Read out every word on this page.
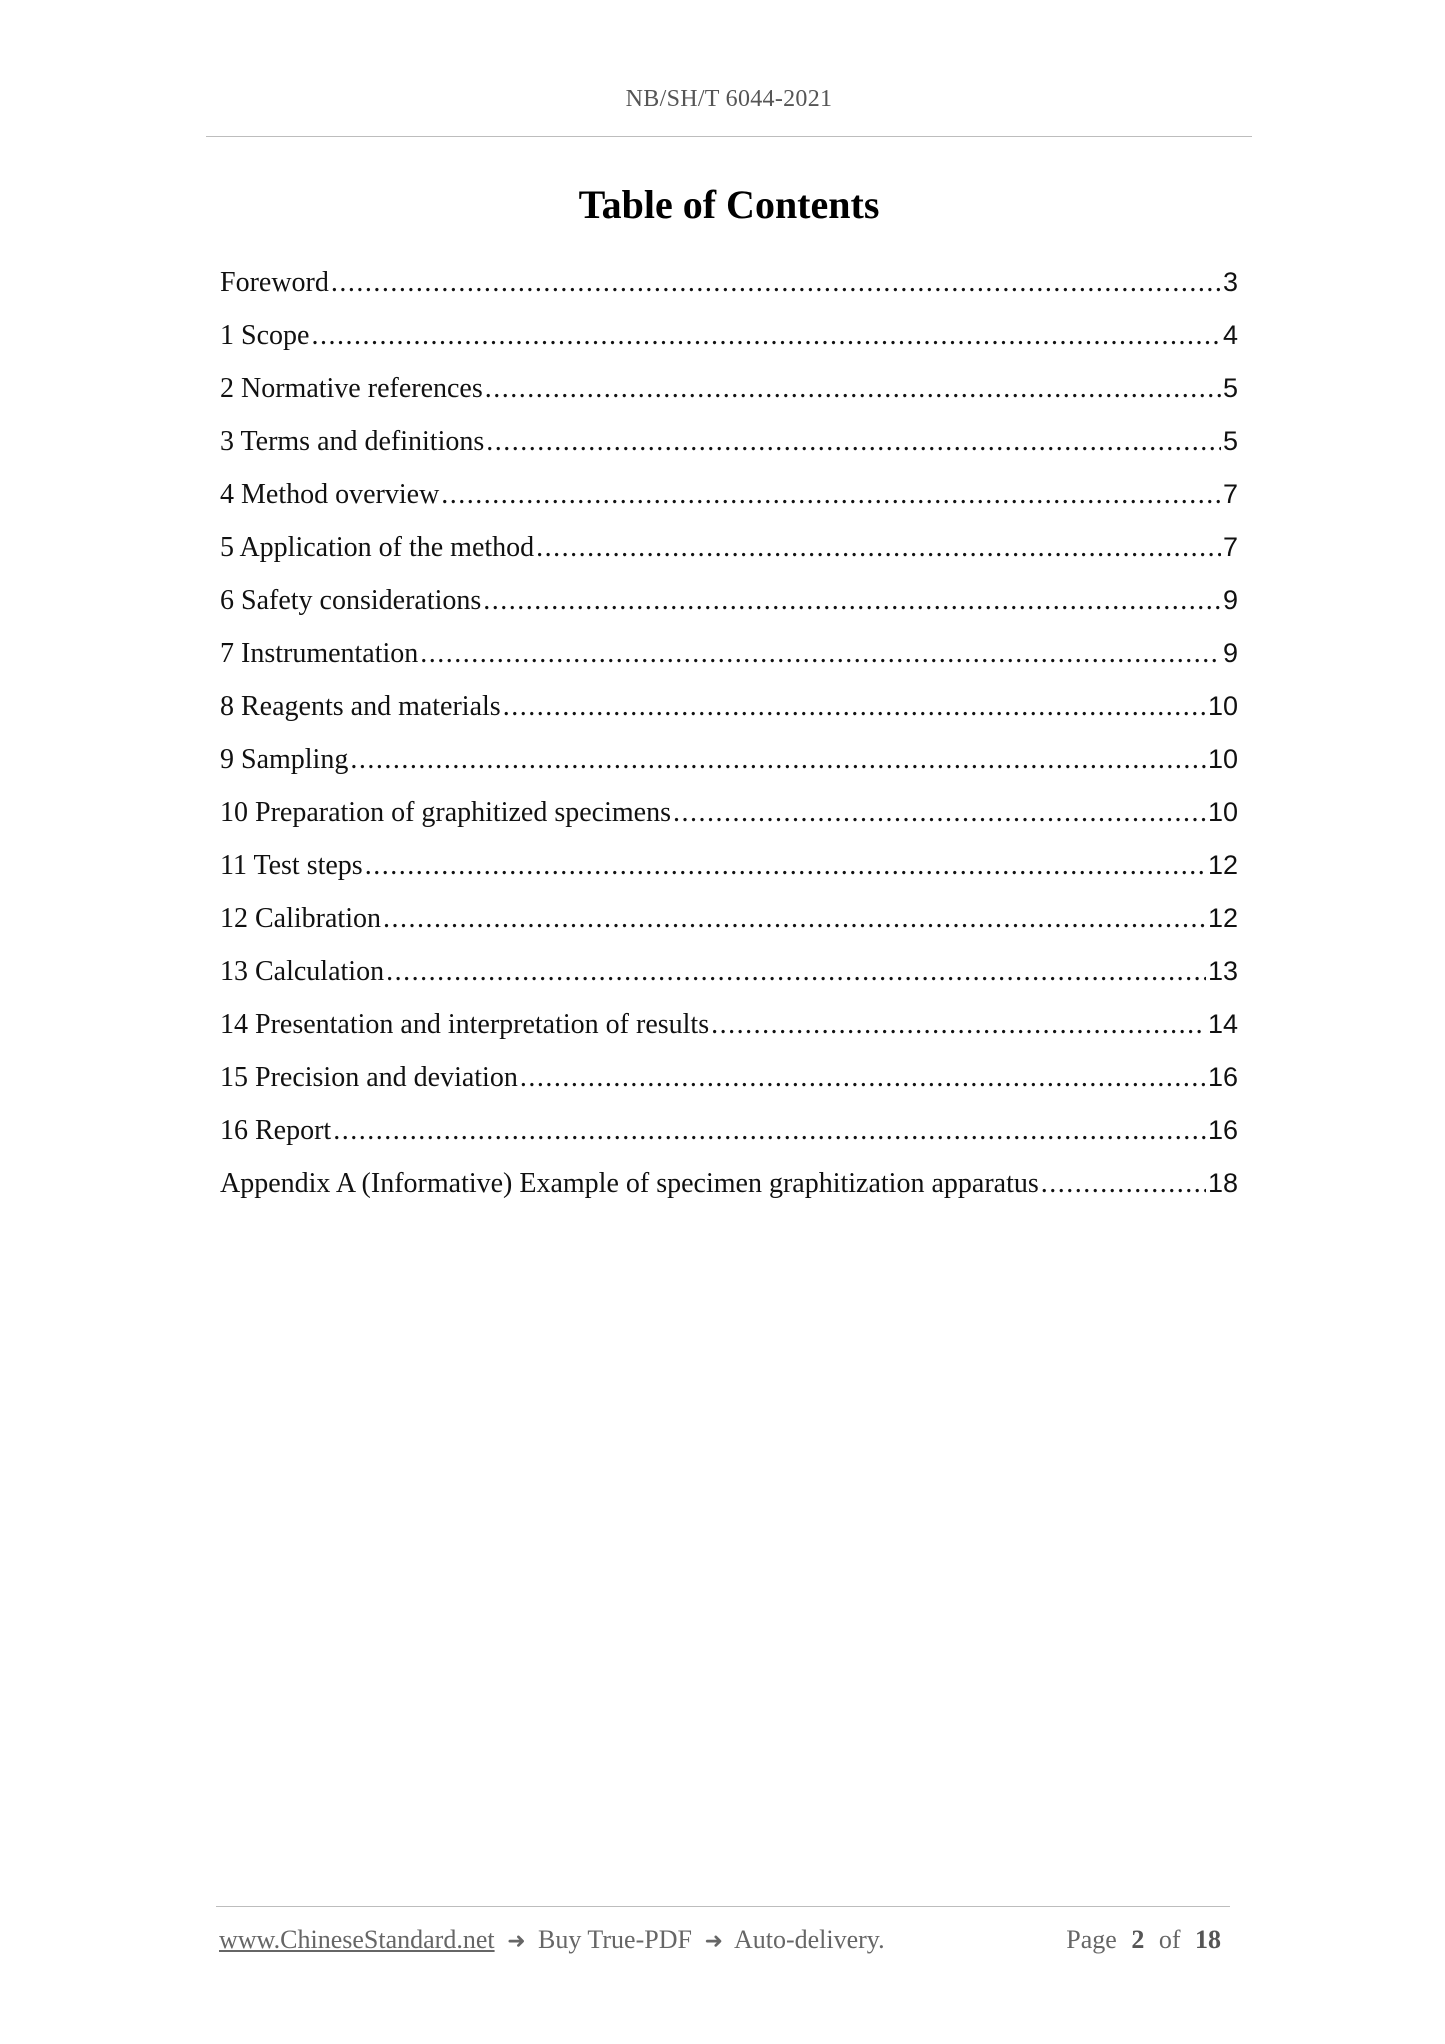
NB/SH/T 6044-2021
Table of Contents
Foreword .....	3
1 Scope .....	4
2 Normative references .....	5
3 Terms and definitions .....	5
4 Method overview .....	7
5 Application of the method .....	7
6 Safety considerations .....	9
7 Instrumentation .....	9
8 Reagents and materials .....	10
9 Sampling .....	10
10 Preparation of graphitized specimens .....	10
11 Test steps .....	12
12 Calibration .....	12
13 Calculation .....	13
14 Presentation and interpretation of results .....	14
15 Precision and deviation .....	16
16 Report .....	16
Appendix A (Informative) Example of specimen graphitization apparatus .....	18
www.ChineseStandard.net ➜ Buy True-PDF ➜ Auto-delivery.	Page 2 of 18
